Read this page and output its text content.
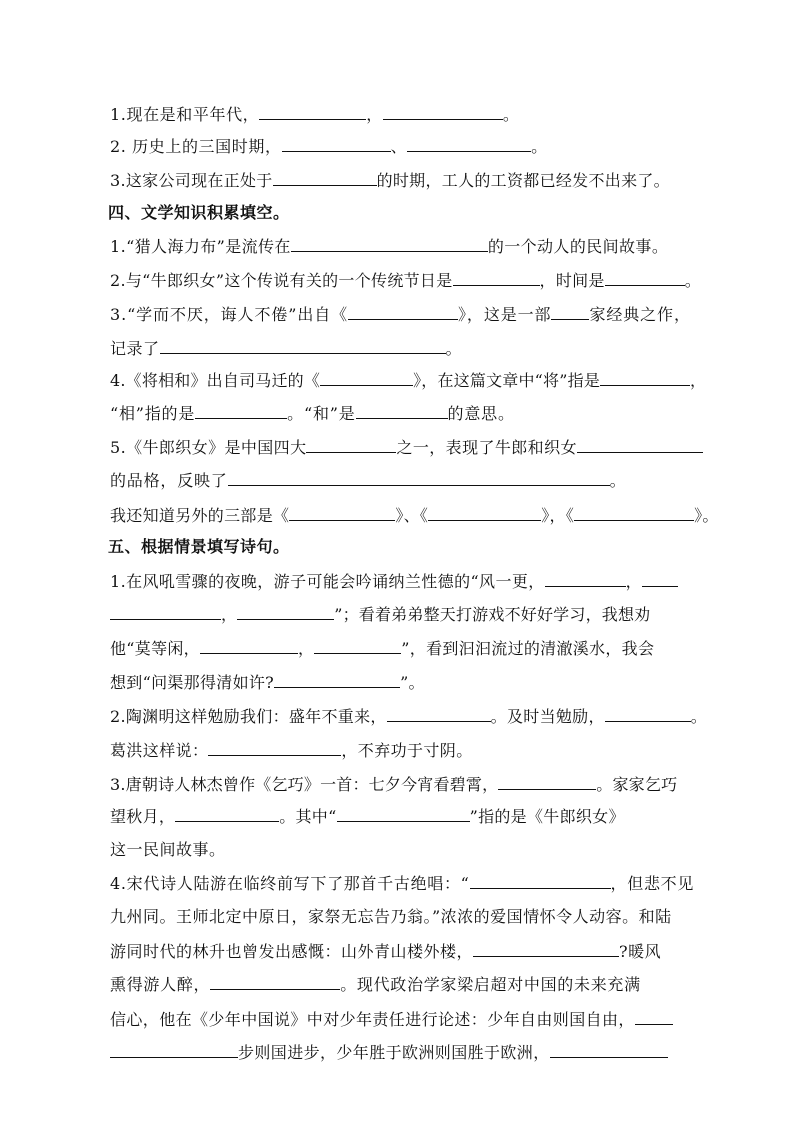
1.现在是和平年代，	，	。
2. 历史上的三国时期，	、	。
3.这家公司现在正处于	的时期，工人的工资都已经发不出来了。
四、文学知识积累填空。
1.“猎人海力布”是流传在	的一个动人的民间故事。
2.与“牛郎织女”这个传说有关的一个传统节日是	，时间是	。
3.“学而不厌，诲人不倦”出自《	》，这是一部 家经典之作，
记录了	。
4.《将相和》出自司马迁的《	》，在这篇文章中“将”指是	，
“相”指的是	。“和”是	的意思。
5.《牛郎织女》是中国四大	之一，表现了牛郎和织女
的品格，反映了	。
我还知道另外的三部是《	》、《	》，《	》。
五、根据情景填写诗句。
1.在风吼雪骤的夜晚，游子可能会吟诵纳兰性德的“风一更，	，
，	”；看着弟弟整天打游戏不好好学习，我想劝
他“莫等闲，	，	”，看到汩汩流过的清澈溪水，我会
想到“问渠那得清如许?	”。
2.陶渊明这样勉励我们：盛年不重来，	。及时当勉励，	。
葛洪这样说：	，不弃功于寸阴。
3.唐朝诗人林杰曾作《乞巧》一首：七夕今宵看碧霄，	。家家乞巧
望秋月，	。其中“	”指的是《牛郎织女》
这一民间故事。
4.宋代诗人陆游在临终前写下了那首千古绝唱：“	，但悲不见
九州同。王师北定中原日，家祭无忘告乃翁。”浓浓的爱国情怀令人动容。和陆
游同时代的林升也曾发出感慨：山外青山楼外楼，	?暖风
熏得游人醉，	。现代政治学家梁启超对中国的未来充满
信心，他在《少年中国说》中对少年责任进行论述：少年自由则国自由，
步则国进步，少年胜于欧洲则国胜于欧洲，
